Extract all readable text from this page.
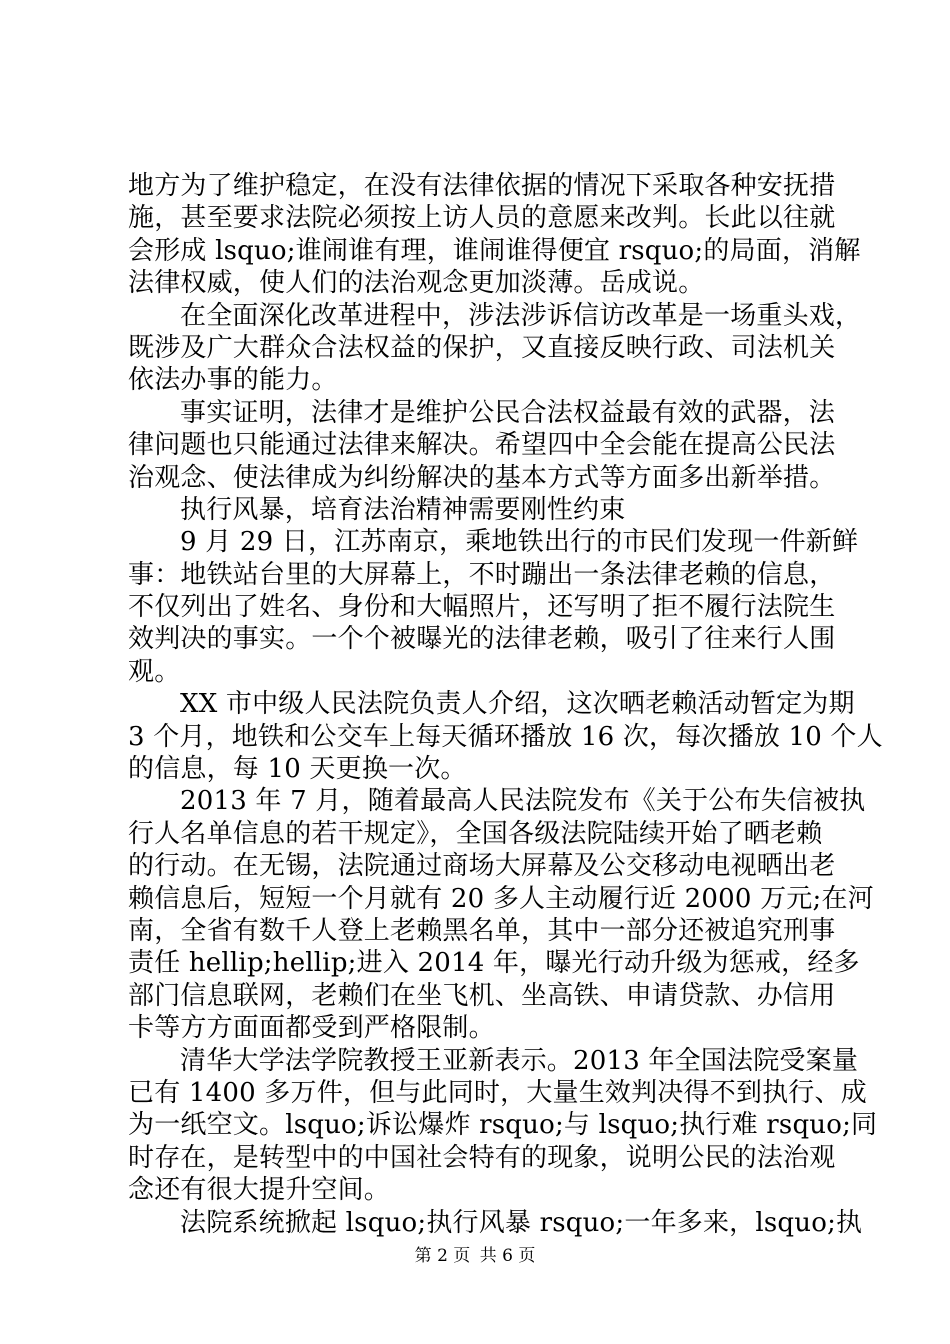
地方为了维护稳定，在没有法律依据的情况下采取各种安抚措
施，甚至要求法院必须按上访人员的意愿来改判。长此以往就
会形成 lsquo;谁闹谁有理，谁闹谁得便宜 rsquo;的局面，消解
法律权威，使人们的法治观念更加淡薄。岳成说。
在全面深化改革进程中，涉法涉诉信访改革是一场重头戏，
既涉及广大群众合法权益的保护，又直接反映行政、司法机关
依法办事的能力。
事实证明，法律才是维护公民合法权益最有效的武器，法
律问题也只能通过法律来解决。希望四中全会能在提高公民法
治观念、使法律成为纠纷解决的基本方式等方面多出新举措。
执行风暴，培育法治精神需要刚性约束
9 月 29 日，江苏南京，乘地铁出行的市民们发现一件新鲜
事：地铁站台里的大屏幕上，不时蹦出一条法律老赖的信息，
不仅列出了姓名、身份和大幅照片，还写明了拒不履行法院生
效判决的事实。一个个被曝光的法律老赖，吸引了往来行人围
观。
XX 市中级人民法院负责人介绍，这次晒老赖活动暂定为期
3 个月，地铁和公交车上每天循环播放 16 次，每次播放 10 个人
的信息，每 10 天更换一次。
2013 年 7 月，随着最高人民法院发布《关于公布失信被执
行人名单信息的若干规定》，全国各级法院陆续开始了晒老赖
的行动。在无锡，法院通过商场大屏幕及公交移动电视晒出老
赖信息后，短短一个月就有 20 多人主动履行近 2000 万元;在河
南，全省有数千人登上老赖黑名单，其中一部分还被追究刑事
责任 hellip;hellip;进入 2014 年，曝光行动升级为惩戒，经多
部门信息联网，老赖们在坐飞机、坐高铁、申请贷款、办信用
卡等方方面面都受到严格限制。
清华大学法学院教授王亚新表示。2013 年全国法院受案量
已有 1400 多万件，但与此同时，大量生效判决得不到执行、成
为一纸空文。lsquo;诉讼爆炸 rsquo;与 lsquo;执行难 rsquo;同
时存在，是转型中的中国社会特有的现象，说明公民的法治观
念还有很大提升空间。
法院系统掀起 lsquo;执行风暴 rsquo;一年多来，lsquo;执
第 2 页 共 6 页
